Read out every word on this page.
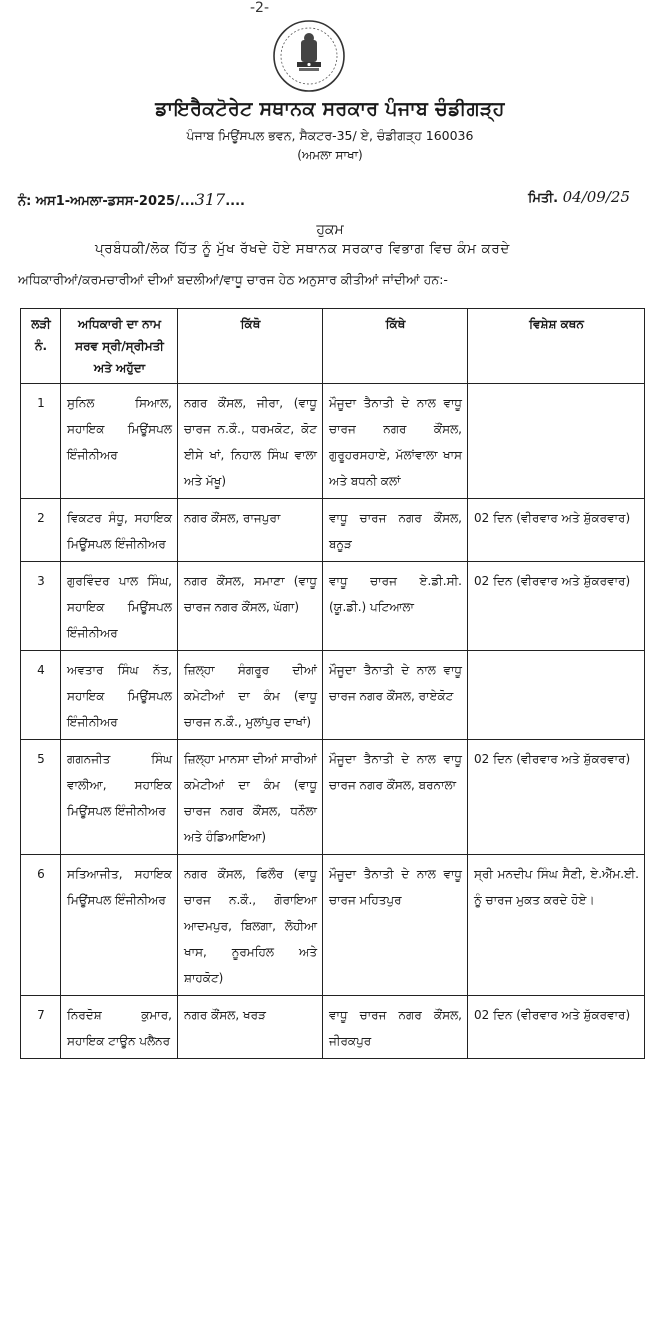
-2-
ਡਾਇਰੈਕਟੋਰੇਟ ਸਥਾਨਕ ਸਰਕਾਰ ਪੰਜਾਬ ਚੰਡੀਗੜ੍ਹ
ਪੰਜਾਬ ਮਿਊਂਸਪਲ ਭਵਨ, ਸੈਕਟਰ-35/ ਏ, ਚੰਡੀਗੜ੍ਹ 160036
(ਅਮਲਾ ਸਾਖਾ)
ਨੰ: ਅਸ1-ਅਮਲਾ-ਡਸਸ-2025/...317....	ਮਿਤੀ. 04/09/25
ਹੁਕਮ
ਪ੍ਰਬੰਧਕੀ/ਲੋਕ ਹਿੱਤ ਨੂੰ ਮੁੱਖ ਰੱਖਦੇ ਹੋਏ ਸਥਾਨਕ ਸਰਕਾਰ ਵਿਭਾਗ ਵਿਚ ਕੰਮ ਕਰਦੇ
ਅਧਿਕਾਰੀਆਂ/ਕਰਮਚਾਰੀਆਂ ਦੀਆਂ ਬਦਲੀਆਂ/ਵਾਧੂ ਚਾਰਜ ਹੇਠ ਅਨੁਸਾਰ ਕੀਤੀਆਂ ਜਾਂਦੀਆਂ ਹਨ:-
ਲੜੀ ਨੰ.	ਅਧਿਕਾਰੀ ਦਾ ਨਾਮ ਸਰਵ ਸ੍ਰੀ/ਸ੍ਰੀਮਤੀ ਅਤੇ ਅਹੁੱਦਾ	ਕਿੱਥੋ	ਕਿੱਥੇ	ਵਿਸ਼ੇਸ਼ ਕਥਨ
1	ਸੁਨਿਲ ਸਿਆਲ, ਸਹਾਇਕ ਮਿਊਂਸਪਲ ਇੰਜੀਨੀਅਰ	ਨਗਰ ਕੌਂਸਲ, ਜੀਰਾ, (ਵਾਧੂ ਚਾਰਜ ਨ.ਕੌ., ਧਰਮਕੋਟ, ਕੋਟ ਈਸੇ ਖਾਂ, ਨਿਹਾਲ ਸਿੰਘ ਵਾਲਾ ਅਤੇ ਮੱਖੂ)	ਮੌਜੂਦਾ ਤੈਨਾਤੀ ਦੇ ਨਾਲ ਵਾਧੂ ਚਾਰਜ ਨਗਰ ਕੌਂਸਲ, ਗੁਰੂਹਰਸਹਾਏ, ਮੱਲਾਂਵਾਲਾ ਖਾਸ ਅਤੇ ਬਧਨੀ ਕਲਾਂ	
2	ਵਿਕਟਰ ਸੰਧੂ, ਸਹਾਇਕ ਮਿਊਂਸਪਲ ਇੰਜੀਨੀਅਰ	ਨਗਰ ਕੌਂਸਲ, ਰਾਜਪੁਰਾ	ਵਾਧੂ ਚਾਰਜ ਨਗਰ ਕੌਂਸਲ, ਬਨੂੜ	02 ਦਿਨ (ਵੀਰਵਾਰ ਅਤੇ ਸ਼ੁੱਕਰਵਾਰ)
3	ਗੁਰਵਿੰਦਰ ਪਾਲ ਸਿੰਘ, ਸਹਾਇਕ ਮਿਊਂਸਪਲ ਇੰਜੀਨੀਅਰ	ਨਗਰ ਕੌਂਸਲ, ਸਮਾਣਾ (ਵਾਧੂ ਚਾਰਜ ਨਗਰ ਕੌਂਸਲ, ਘੱਗਾ)	ਵਾਧੂ ਚਾਰਜ ਏ.ਡੀ.ਸੀ. (ਯੂ.ਡੀ.) ਪਟਿਆਲਾ	02 ਦਿਨ (ਵੀਰਵਾਰ ਅਤੇ ਸ਼ੁੱਕਰਵਾਰ)
4	ਅਵਤਾਰ ਸਿੰਘ ਨੱਤ, ਸਹਾਇਕ ਮਿਊਂਸਪਲ ਇੰਜੀਨੀਅਰ	ਜ਼ਿਲ੍ਹਾ ਸੰਗਰੂਰ ਦੀਆਂ ਕਮੇਟੀਆਂ ਦਾ ਕੰਮ (ਵਾਧੂ ਚਾਰਜ ਨ.ਕੌ., ਮੁਲਾਂਪੁਰ ਦਾਖਾਂ)	ਮੌਜੂਦਾ ਤੈਨਾਤੀ ਦੇ ਨਾਲ ਵਾਧੂ ਚਾਰਜ ਨਗਰ ਕੌਂਸਲ, ਰਾਏਕੋਟ	
5	ਗਗਨਜੀਤ ਸਿੰਘ ਵਾਲੀਆ, ਸਹਾਇਕ ਮਿਊਂਸਪਲ ਇੰਜੀਨੀਅਰ	ਜ਼ਿਲ੍ਹਾ ਮਾਨਸਾ ਦੀਆਂ ਸਾਰੀਆਂ ਕਮੇਟੀਆਂ ਦਾ ਕੰਮ (ਵਾਧੂ ਚਾਰਜ ਨਗਰ ਕੌਂਸਲ, ਧਨੌਲਾ ਅਤੇ ਹੰਡਿਆਇਆ)	ਮੌਜੂਦਾ ਤੈਨਾਤੀ ਦੇ ਨਾਲ ਵਾਧੂ ਚਾਰਜ ਨਗਰ ਕੌਂਸਲ, ਬਰਨਾਲਾ	02 ਦਿਨ (ਵੀਰਵਾਰ ਅਤੇ ਸ਼ੁੱਕਰਵਾਰ)
6	ਸਤਿਆਜੀਤ, ਸਹਾਇਕ ਮਿਊਂਸਪਲ ਇੰਜੀਨੀਅਰ	ਨਗਰ ਕੌਂਸਲ, ਫਿਲੌਰ (ਵਾਧੂ ਚਾਰਜ ਨ.ਕੌ., ਗੋਰਾਇਆ ਆਦਮਪੁਰ, ਬਿਲਗਾ, ਲੋਹੀਆ ਖਾਸ, ਨੂਰਮਹਿਲ ਅਤੇ ਸ਼ਾਹਕੋਟ)	ਮੌਜੂਦਾ ਤੈਨਾਤੀ ਦੇ ਨਾਲ ਵਾਧੂ ਚਾਰਜ ਮਹਿਤਪੁਰ	ਸ੍ਰੀ ਮਨਦੀਪ ਸਿੰਘ ਸੈਣੀ, ਏ.ਐੱਮ.ਈ. ਨੂੰ ਚਾਰਜ ਮੁਕਤ ਕਰਦੇ ਹੋਏ।
7	ਨਿਰਦੋਸ਼ ਕੁਮਾਰ, ਸਹਾਇਕ ਟਾਊਨ ਪਲੈਨਰ	ਨਗਰ ਕੌਂਸਲ, ਖਰੜ	ਵਾਧੂ ਚਾਰਜ ਨਗਰ ਕੌਂਸਲ, ਜੀਰਕਪੁਰ	02 ਦਿਨ (ਵੀਰਵਾਰ ਅਤੇ ਸ਼ੁੱਕਰਵਾਰ)
